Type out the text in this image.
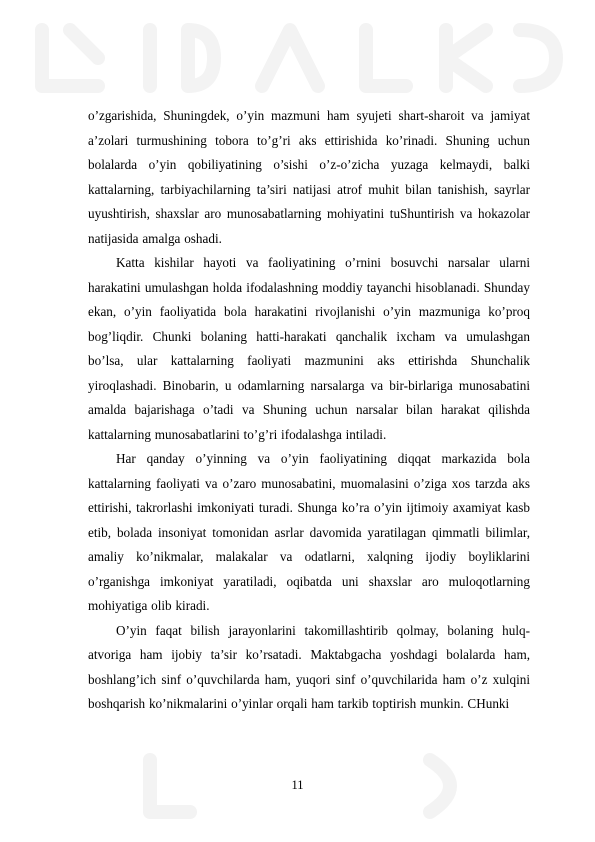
o’zgarishida, Shuningdek, o’yin mazmuni ham syujeti shart-sharoit va jamiyat a’zolari turmushining tobora to’g’ri aks ettirishida ko’rinadi. Shuning uchun bolalarda o’yin qobiliyatining o’sishi o’z-o’zicha yuzaga kelmaydi, balki kattalarning, tarbiyachilarning ta’siri natijasi atrof muhit bilan tanishish, sayrlar uyushtirish, shaxslar aro munosabatlarning mohiyatini tuShuntirish va hokazolar natijasida amalga oshadi.

Katta kishilar hayoti va faoliyatining o’rnini bosuvchi narsalar ularni harakatini umulashgan holda ifodalashning moddiy tayanchi hisoblanadi. Shunday ekan, o’yin faoliyatida bola harakatini rivojlanishi o’yin mazmuniga ko’proq bog’liqdir. Chunki bolaning hatti-harakati qanchalik ixcham va umulashgan bo’lsa, ular kattalarning faoliyati mazmunini aks ettirishda Shunchalik yiroqlashadi. Binobarin, u odamlarning narsalarga va bir-birlariga munosabatini amalda bajarishaga o’tadi va Shuning uchun narsalar bilan harakat qilishda kattalarning munosabatlarini to’g’ri ifodalashga intiladi.

Har qanday o’yinning va o’yin faoliyatining diqqat markazida bola kattalarning faoliyati va o’zaro munosabatini, muomalasini o’ziga xos tarzda aks ettirishi, takrorlashi imkoniyati turadi. Shunga ko’ra o’yin ijtimoiy axamiyat kasb etib, bolada insoniyat tomonidan asrlar davomida yaratilagan qimmatli bilimlar, amaliy ko’nikmalar, malakalar va odatlarni, xalqning ijodiy boyliklarini o’rganishga imkoniyat yaratiladi, oqibatda uni shaxslar aro muloqotlarning mohiyatiga olib kiradi.

O’yin faqat bilish jarayonlarini takomillashtirib qolmay, bolaning hulq-atvoriga ham ijobiy ta’sir ko’rsatadi. Maktabgacha yoshdagi bolalarda ham, boshlang’ich sinf o’quvchilarda ham, yuqori sinf o’quvchilarida ham o’z xulqini boshqarish ko’nikmalarini o’yinlar orqali ham tarkib toptirish munkin. CHunki

11
